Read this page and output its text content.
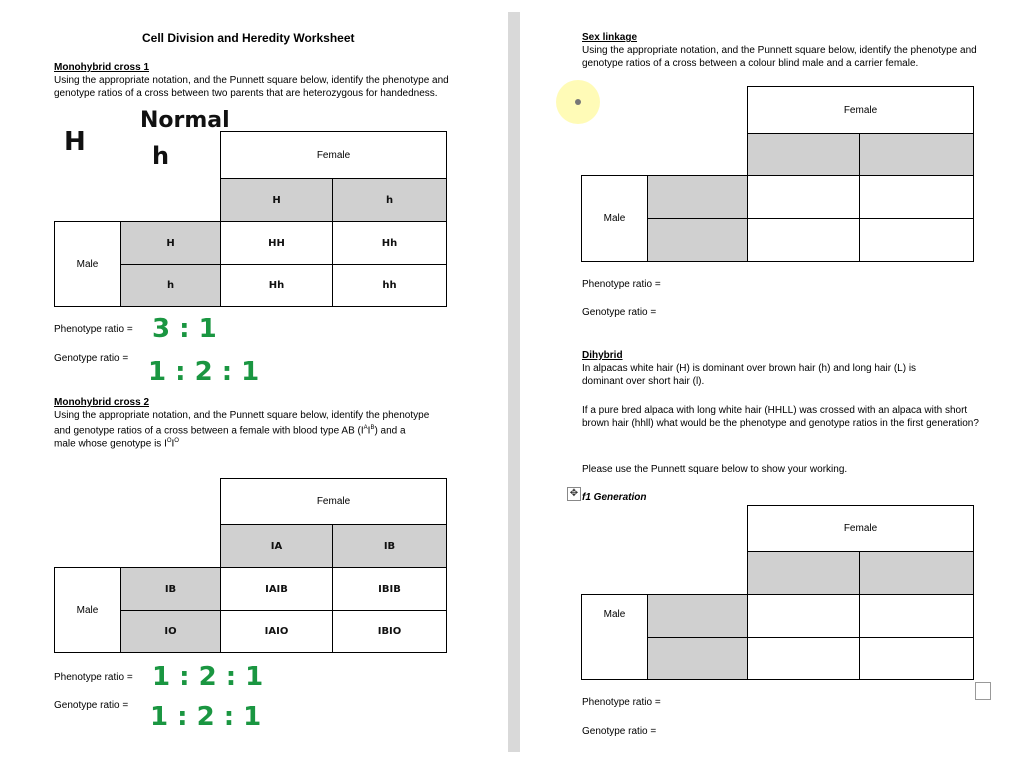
Cell Division and Heredity Worksheet
Monohybrid cross 1
Using the appropriate notation, and the Punnett square below, identify the phenotype and genotype ratios of a cross between two parents that are heterozygous for handedness.
H
Normal
h
		Female	
		H	h
Male	H	HH	Hh
	h	Hh	hh
Phenotype ratio = 3 : 1
Genotype ratio = 1 : 2 : 1
Monohybrid cross 2
Using the appropriate notation, and the Punnett square below, identify the phenotype
and genotype ratios of a cross between a female with blood type AB $(I^AI^B)$ and a
male whose genotype is $I^OI^O$
		Female	
		IA	IB
Male	IB	IAIB	IBIB
	IO	IAIO	IBIO
Phenotype ratio = 1 : 2 : 1
Genotype ratio = 1 : 2 : 1
Sex linkage
Using the appropriate notation, and the Punnett square below, identify the phenotype and genotype ratios of a cross between a colour blind male and a carrier female.
		Female	

Male			

Phenotype ratio =
Genotype ratio =
Dihybrid
In alpacas white hair (H) is dominant over brown hair (h) and long hair (L) is dominant over short hair (l).
If a pure bred alpaca with long white hair (HHLL) was crossed with an alpaca with short brown hair (hhll) what would be the phenotype and genotype ratios in the first generation?
Please use the Punnett square below to show your working.
✥ f1 Generation
		Female	

Male			

Phenotype ratio =
Genotype ratio =
